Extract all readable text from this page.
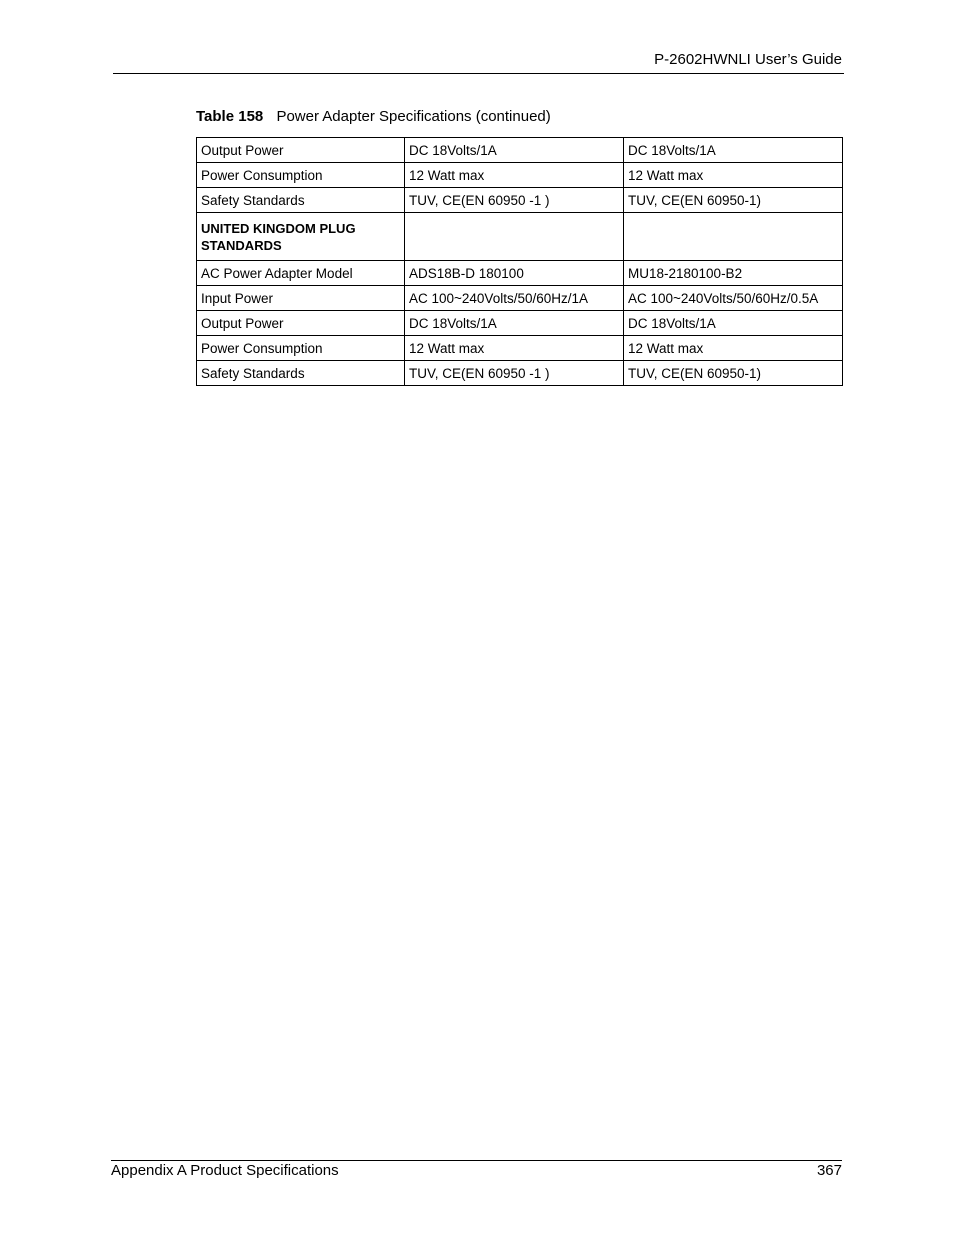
P-2602HWNLI User’s Guide
Table 158 Power Adapter Specifications (continued)
Output Power	DC 18Volts/1A	DC 18Volts/1A
Power Consumption	12 Watt max	12 Watt max
Safety Standards	TUV, CE(EN 60950 -1 )	TUV, CE(EN 60950-1)
UNITED KINGDOM PLUG STANDARDS		
AC Power Adapter Model	ADS18B-D 180100	MU18-2180100-B2
Input Power	AC 100~240Volts/50/60Hz/1A	AC 100~240Volts/50/60Hz/0.5A
Output Power	DC 18Volts/1A	DC 18Volts/1A
Power Consumption	12 Watt max	12 Watt max
Safety Standards	TUV, CE(EN 60950 -1 )	TUV, CE(EN 60950-1)
Appendix A Product Specifications	367
